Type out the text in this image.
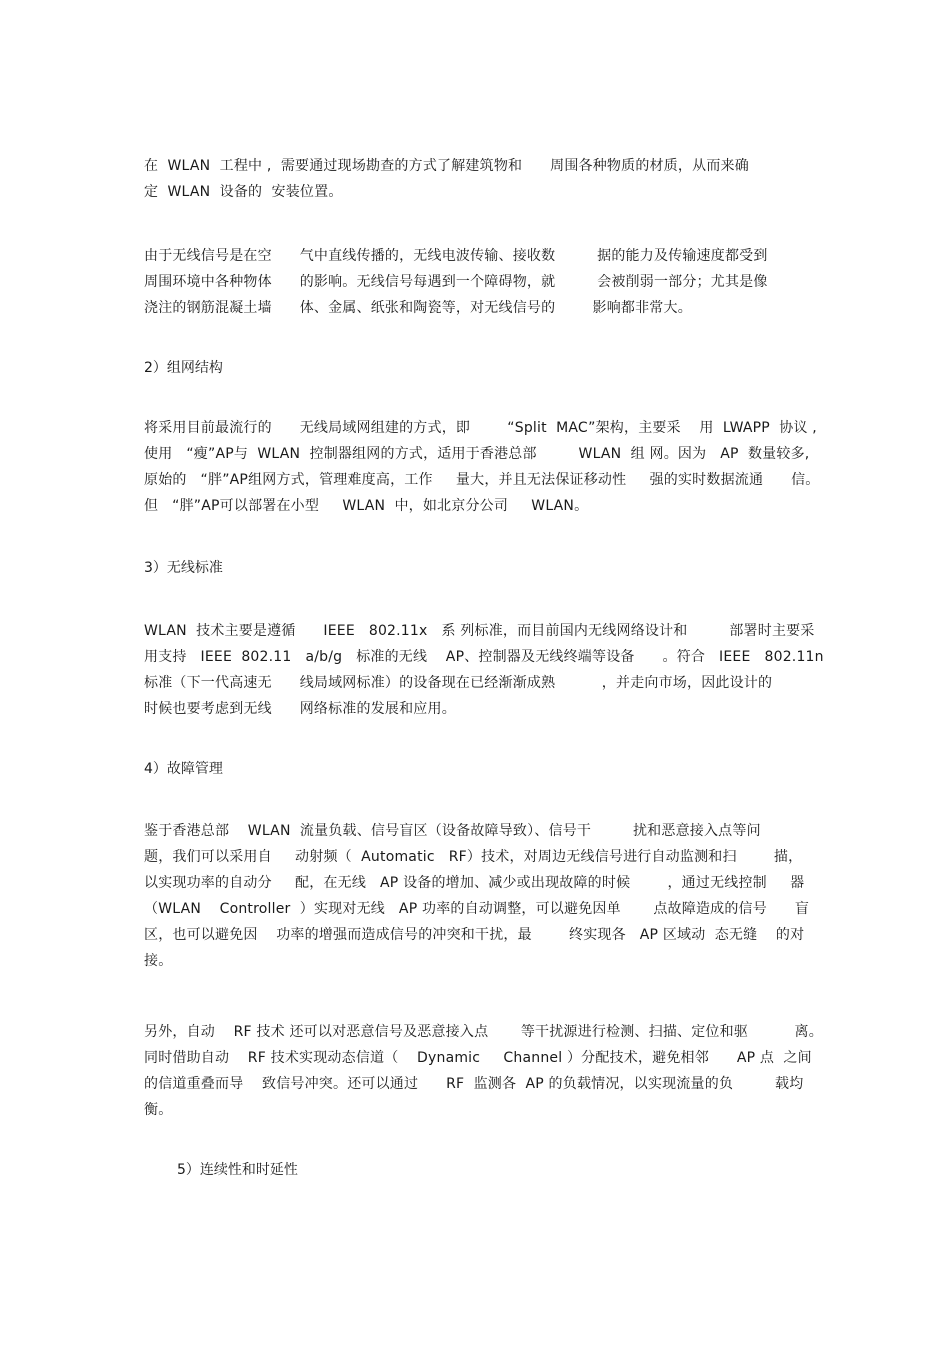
在  WLAN  工程中 ,  需要通过现场勘查的方式了解建筑物和      周围各种物质的材质，从而来确
定  WLAN  设备的  安装位置。
由于无线信号是在空      气中直线传播的，无线电波传输、接收数         据的能力及传输速度都受到
周围环境中各种物体      的影响。无线信号每遇到一个障碍物，就         会被削弱一部分；尤其是像
浇注的钢筋混凝土墙      体、金属、纸张和陶瓷等，对无线信号的        影响都非常大。
2）组网结构
将采用目前最流行的      无线局域网组建的方式，即        “Split  MAC”架构，主要采    用  LWAPP  协议 ,
使用   “瘦”AP与  WLAN  控制器组网的方式，适用于香港总部         WLAN  组 网。因为   AP  数量较多,
原始的   “胖”AP组网方式，管理难度高，工作     量大，并且无法保证移动性     强的实时数据流通      信。
但   “胖”AP可以部署在小型     WLAN  中，如北京分公司     WLAN。
3）无线标准
WLAN  技术主要是遵循      IEEE   802.11x   系 列标准，而目前国内无线网络设计和         部署时主要采
用支持   IEEE  802.11   a/b/g   标准的无线    AP、控制器及无线终端等设备      。符合   IEEE   802.11n
标准（下一代高速无      线局域网标准）的设备现在已经渐渐成熟          ，并走向市场，因此设计的
时候也要考虑到无线      网络标准的发展和应用。
4）故障管理
鉴于香港总部    WLAN  流量负载、信号盲区（设备故障导致）、信号干         扰和恶意接入点等问
题，我们可以采用自     动射频（  Automatic   RF）技术，对周边无线信号进行自动监测和扫        描，
以实现功率的自动分     配，在无线   AP 设备的增加、减少或出现故障的时候        ，通过无线控制     器
（WLAN    Controller  ）实现对无线   AP 功率的自动调整，可以避免因单       点故障造成的信号      盲
区，也可以避免因    功率的增强而造成信号的冲突和干扰，最        终实现各   AP 区域动  态无缝    的对
接。
另外，自动    RF 技术 还可以对恶意信号及恶意接入点       等干扰源进行检测、扫描、定位和驱          离。
同时借助自动    RF 技术实现动态信道（    Dynamic     Channel ）分配技术，避免相邻      AP 点  之间
的信道重叠而导    致信号冲突。还可以通过      RF  监测各  AP 的负载情况，以实现流量的负         载均
衡。
5）连续性和时延性
